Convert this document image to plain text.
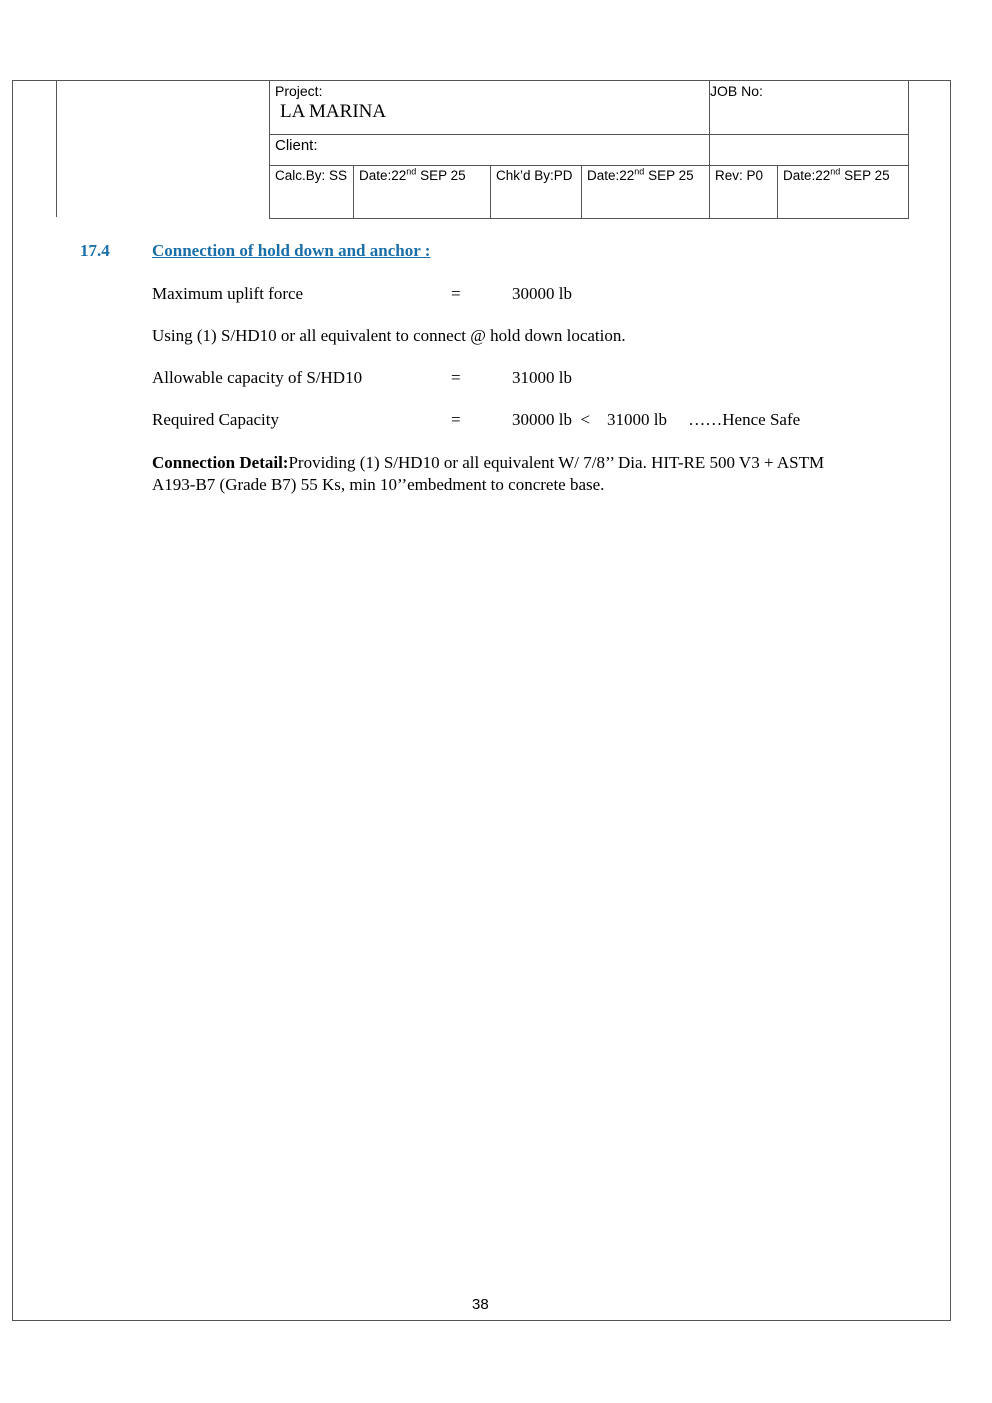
Project:
LA MARINA				JOB No:	
Client:					
Calc.By: SS	Date:22nd SEP 25	Chk’d By:PD	Date:22nd SEP 25	Rev: P0	Date:22nd SEP 25
17.4 Connection of hold down and anchor :
Maximum uplift force	=	30000 lb
Using (1) S/HD10 or all equivalent to connect @ hold down location.
Allowable capacity of S/HD10	=	31000 lb
Required Capacity	=	30000 lb  <    31000 lb     ……Hence Safe
Connection Detail:Providing (1) S/HD10 or all equivalent W/ 7/8’’ Dia. HIT-RE 500 V3 + ASTM A193-B7 (Grade B7) 55 Ks, min 10’’embedment to concrete base.
38
